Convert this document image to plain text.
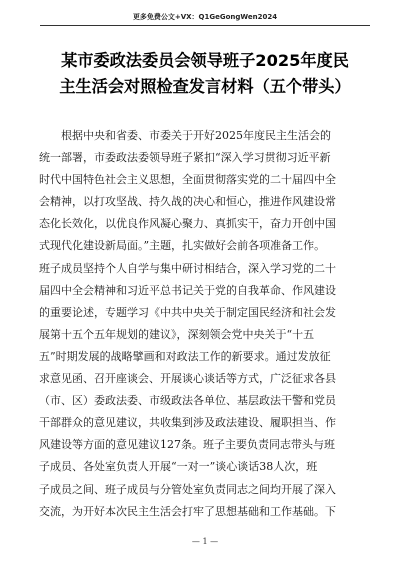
更多免费公文+VX：Q1GeGongWen2024
某市委政法委员会领导班子2025年度民
主生活会对照检查发言材料（五个带头）
　　根据中央和省委、市委关于开好2025年度民主生活会的
统一部署，市委政法委领导班子紧扣“深入学习贯彻习近平新
时代中国特色社会主义思想，全面贯彻落实党的二十届四中全
会精神，以打攻坚战、持久战的决心和恒心，推进作风建设常
态化长效化，以优良作风凝心聚力、真抓实干，奋力开创中国
式现代化建设新局面。”主题，扎实做好会前各项准备工作。
班子成员坚持个人自学与集中研讨相结合，深入学习党的二十
届四中全会精神和习近平总书记关于党的自我革命、作风建设
的重要论述，专题学习《中共中央关于制定国民经济和社会发
展第十五个五年规划的建议》，深刻领会党中央关于“十五
五”时期发展的战略擘画和对政法工作的新要求。通过发放征
求意见函、召开座谈会、开展谈心谈话等方式，广泛征求各县
（市、区）委政法委、市级政法各单位、基层政法干警和党员
干部群众的意见建议，共收集到涉及政法建设、履职担当、作
风建设等方面的意见建议127条。班子主要负责同志带头与班
子成员、各处室负责人开展“一对一”谈心谈话38人次，班
子成员之间、班子成员与分管处室负责同志之间均开展了深入
交流，为开好本次民主生活会打牢了思想基础和工作基础。下
— 1 —
